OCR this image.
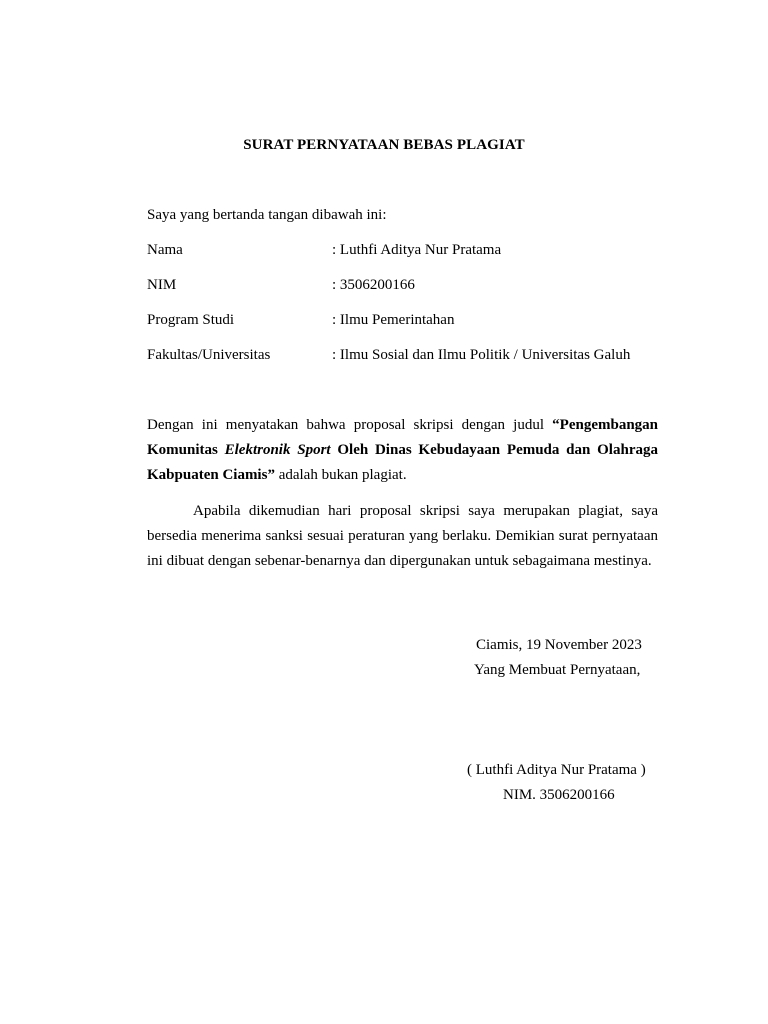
SURAT PERNYATAAN BEBAS PLAGIAT
Saya yang bertanda tangan dibawah ini:
Nama	: Luthfi Aditya Nur Pratama
NIM	: 3506200166
Program Studi	: Ilmu Pemerintahan
Fakultas/Universitas	: Ilmu Sosial dan Ilmu Politik / Universitas Galuh
Dengan ini menyatakan bahwa proposal skripsi dengan judul “Pengembangan Komunitas Elektronik Sport Oleh Dinas Kebudayaan Pemuda dan Olahraga Kabpuaten Ciamis” adalah bukan plagiat.
Apabila dikemudian hari proposal skripsi saya merupakan plagiat, saya bersedia menerima sanksi sesuai peraturan yang berlaku. Demikian surat pernyataan ini dibuat dengan sebenar-benarnya dan dipergunakan untuk sebagaimana mestinya.
Ciamis, 19 November 2023
Yang Membuat Pernyataan,
( Luthfi Aditya Nur Pratama )
NIM. 3506200166
